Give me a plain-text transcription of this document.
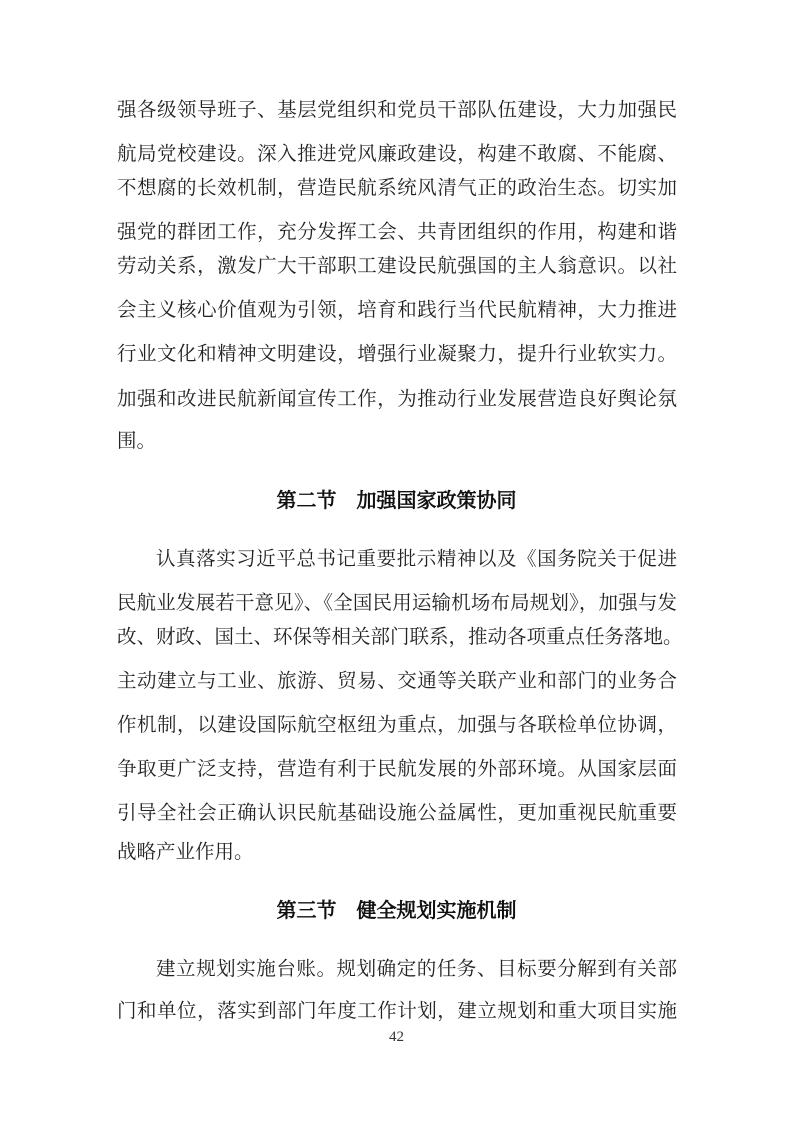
强各级领导班子、基层党组织和党员干部队伍建设，大力加强民
航局党校建设。深入推进党风廉政建设，构建不敢腐、不能腐、
不想腐的长效机制，营造民航系统风清气正的政治生态。切实加
强党的群团工作，充分发挥工会、共青团组织的作用，构建和谐
劳动关系，激发广大干部职工建设民航强国的主人翁意识。以社
会主义核心价值观为引领，培育和践行当代民航精神，大力推进
行业文化和精神文明建设，增强行业凝聚力，提升行业软实力。
加强和改进民航新闻宣传工作，为推动行业发展营造良好舆论氛
围。
第二节　加强国家政策协同
认真落实习近平总书记重要批示精神以及《国务院关于促进
民航业发展若干意见》、《全国民用运输机场布局规划》，加强与发
改、财政、国土、环保等相关部门联系，推动各项重点任务落地。
主动建立与工业、旅游、贸易、交通等关联产业和部门的业务合
作机制，以建设国际航空枢纽为重点，加强与各联检单位协调，
争取更广泛支持，营造有利于民航发展的外部环境。从国家层面
引导全社会正确认识民航基础设施公益属性，更加重视民航重要
战略产业作用。
第三节　健全规划实施机制
建立规划实施台账。规划确定的任务、目标要分解到有关部
门和单位，落实到部门年度工作计划，建立规划和重大项目实施
42
